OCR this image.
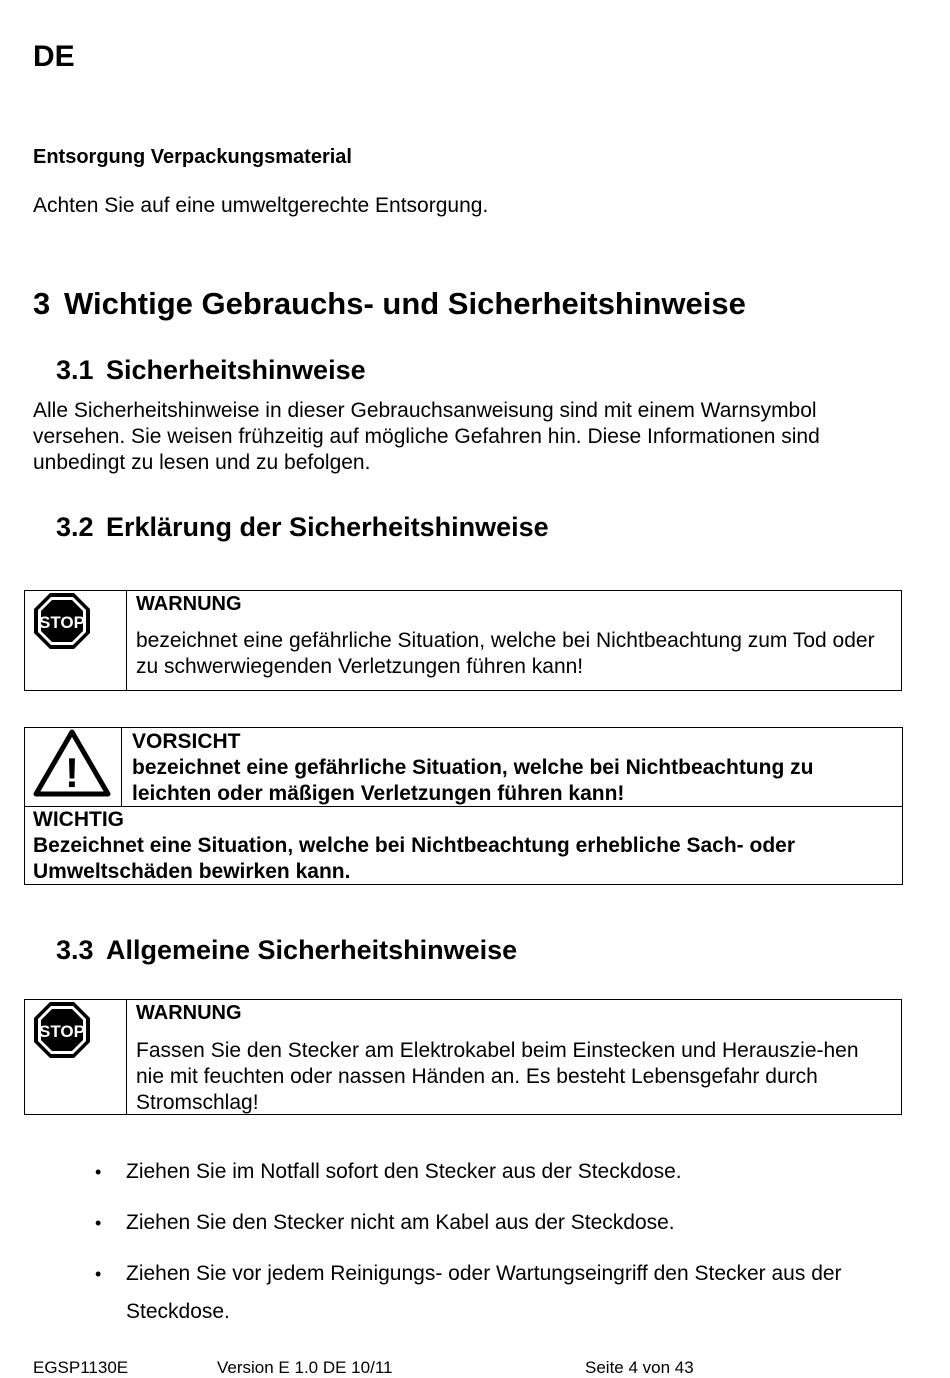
DE
Entsorgung Verpackungsmaterial
Achten Sie auf eine umweltgerechte Entsorgung.
3 Wichtige Gebrauchs- und Sicherheitshinweise
3.1 Sicherheitshinweise
Alle Sicherheitshinweise in dieser Gebrauchsanweisung sind mit einem Warnsymbol versehen. Sie weisen frühzeitig auf mögliche Gefahren hin. Diese Informationen sind unbedingt zu lesen und zu befolgen.
3.2 Erklärung der Sicherheitshinweise
STOP
WARNUNG
bezeichnet eine gefährliche Situation, welche bei Nichtbeachtung zum Tod oder zu schwerwiegenden Verletzungen führen kann!
!
VORSICHT
bezeichnet eine gefährliche Situation, welche bei Nichtbeachtung zu leichten oder mäßigen Verletzungen führen kann!
WICHTIG
Bezeichnet eine Situation, welche bei Nichtbeachtung erhebliche Sach- oder Umweltschäden bewirken kann.
3.3 Allgemeine Sicherheitshinweise
STOP
WARNUNG
Fassen Sie den Stecker am Elektrokabel beim Einstecken und Herauszie-hen nie mit feuchten oder nassen Händen an. Es besteht Lebensgefahr durch Stromschlag!
•	Ziehen Sie im Notfall sofort den Stecker aus der Steckdose.
•	Ziehen Sie den Stecker nicht am Kabel aus der Steckdose.
•	Ziehen Sie vor jedem Reinigungs- oder Wartungseingriff den Stecker aus der Steckdose.
EGSP1130E	Version E 1.0 DE 10/11	Seite 4 von 43
